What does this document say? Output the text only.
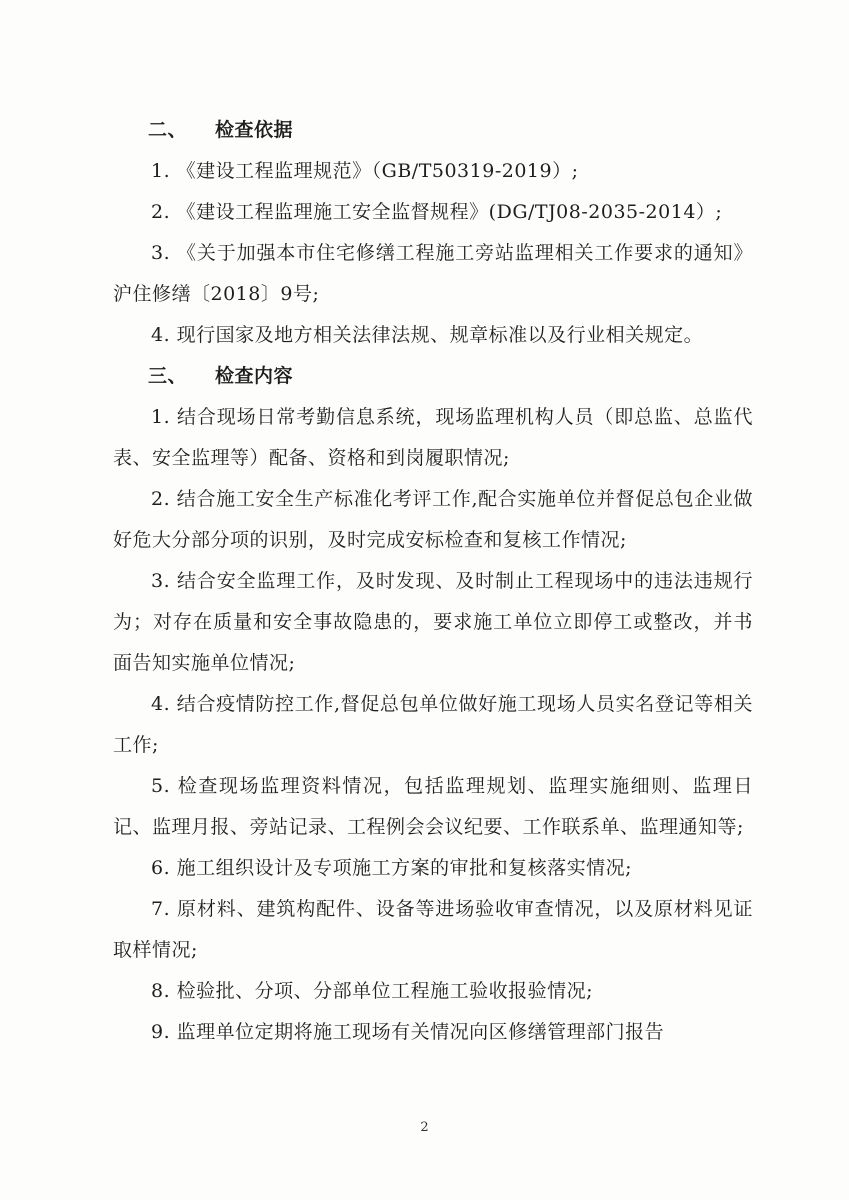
二、 检查依据

1. 《建设工程监理规范》（GB/T50319-2019）;

2. 《建设工程监理施工安全监督规程》(DG/TJ08-2035-2014）;

3. 《关于加强本市住宅修缮工程施工旁站监理相关工作要求的通知》沪住修缮〔2018〕9号;

4. 现行国家及地方相关法律法规、规章标准以及行业相关规定。

三、 检查内容

1. 结合现场日常考勤信息系统，现场监理机构人员（即总监、总监代表、安全监理等）配备、资格和到岗履职情况;

2. 结合施工安全生产标准化考评工作,配合实施单位并督促总包企业做好危大分部分项的识别，及时完成安标检查和复核工作情况;

3. 结合安全监理工作，及时发现、及时制止工程现场中的违法违规行为；对存在质量和安全事故隐患的，要求施工单位立即停工或整改，并书面告知实施单位情况;

4. 结合疫情防控工作,督促总包单位做好施工现场人员实名登记等相关工作;

5. 检查现场监理资料情况，包括监理规划、监理实施细则、监理日记、监理月报、旁站记录、工程例会会议纪要、工作联系单、监理通知等;

6. 施工组织设计及专项施工方案的审批和复核落实情况;

7. 原材料、建筑构配件、设备等进场验收审查情况，以及原材料见证取样情况;

8. 检验批、分项、分部单位工程施工验收报验情况;

9. 监理单位定期将施工现场有关情况向区修缮管理部门报告

2
